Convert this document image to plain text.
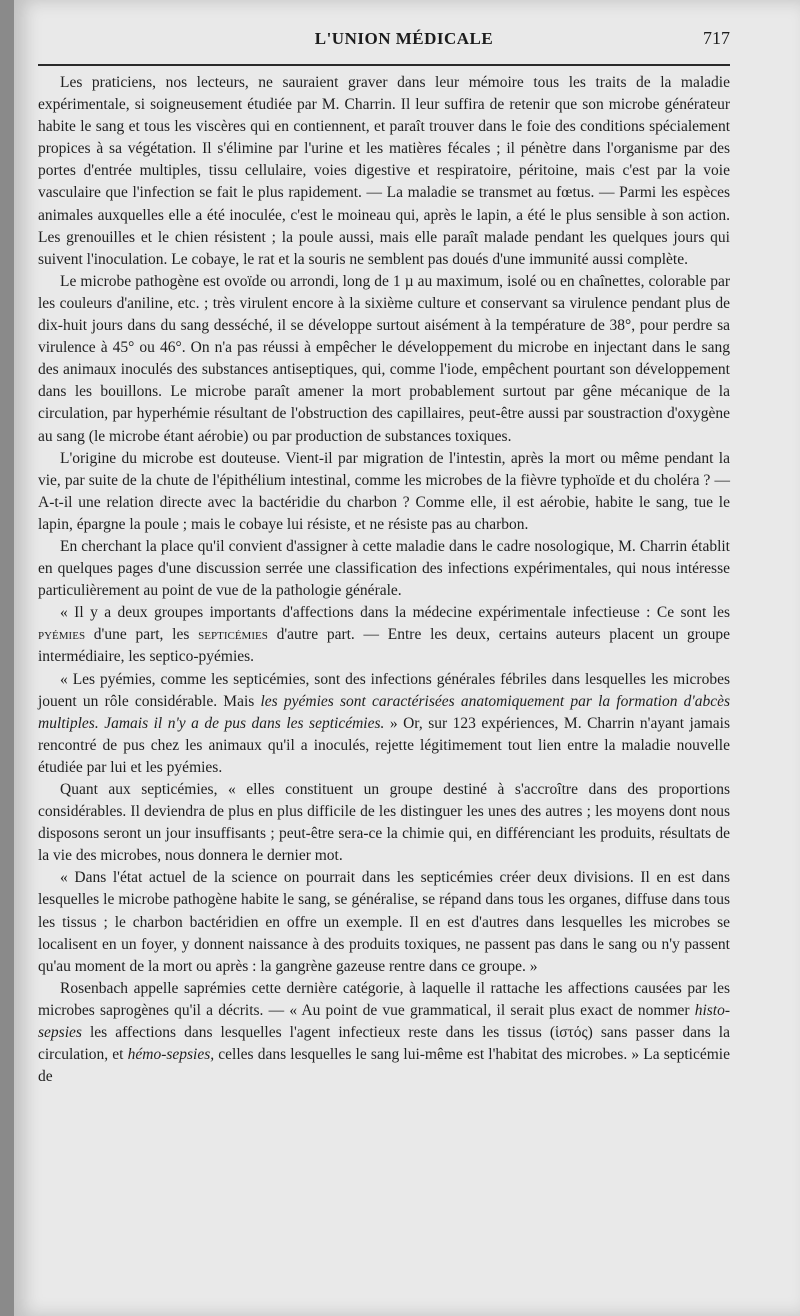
L'UNION MÉDICALE	717

Les praticiens, nos lecteurs, ne sauraient graver dans leur mémoire tous les traits de la maladie expérimentale, si soigneusement étudiée par M. Charrin. Il leur suffira de retenir que son microbe générateur habite le sang et tous les viscères qui en contiennent, et paraît trouver dans le foie des conditions spécialement propices à sa végétation. Il s'élimine par l'urine et les matières fécales ; il pénètre dans l'organisme par des portes d'entrée multiples, tissu cellulaire, voies digestive et respiratoire, péritoine, mais c'est par la voie vasculaire que l'infection se fait le plus rapidement. — La maladie se transmet au fœtus. — Parmi les espèces animales auxquelles elle a été inoculée, c'est le moineau qui, après le lapin, a été le plus sensible à son action. Les grenouilles et le chien résistent ; la poule aussi, mais elle paraît malade pendant les quelques jours qui suivent l'inoculation. Le cobaye, le rat et la souris ne semblent pas doués d'une immunité aussi complète.

Le microbe pathogène est ovoïde ou arrondi, long de 1 µ au maximum, isolé ou en chaînettes, colorable par les couleurs d'aniline, etc. ; très virulent encore à la sixième culture et conservant sa virulence pendant plus de dix-huit jours dans du sang desséché, il se développe surtout aisément à la température de 38°, pour perdre sa virulence à 45° ou 46°. On n'a pas réussi à empêcher le développement du microbe en injectant dans le sang des animaux inoculés des substances antiseptiques, qui, comme l'iode, empêchent pourtant son développement dans les bouillons. Le microbe paraît amener la mort probablement surtout par gêne mécanique de la circulation, par hyperhémie résultant de l'obstruction des capillaires, peut-être aussi par soustraction d'oxygène au sang (le microbe étant aérobie) ou par production de substances toxiques.

L'origine du microbe est douteuse. Vient-il par migration de l'intestin, après la mort ou même pendant la vie, par suite de la chute de l'épithélium intestinal, comme les microbes de la fièvre typhoïde et du choléra ? — A-t-il une relation directe avec la bactéridie du charbon ? Comme elle, il est aérobie, habite le sang, tue le lapin, épargne la poule ; mais le cobaye lui résiste, et ne résiste pas au charbon.

En cherchant la place qu'il convient d'assigner à cette maladie dans le cadre nosologique, M. Charrin établit en quelques pages d'une discussion serrée une classification des infections expérimentales, qui nous intéresse particulièrement au point de vue de la pathologie générale.

« Il y a deux groupes importants d'affections dans la médecine expérimentale infectieuse : Ce sont les pyémies d'une part, les septicémies d'autre part. — Entre les deux, certains auteurs placent un groupe intermédiaire, les septico-pyémies.

« Les pyémies, comme les septicémies, sont des infections générales fébriles dans lesquelles les microbes jouent un rôle considérable. Mais les pyémies sont caractérisées anatomiquement par la formation d'abcès multiples. Jamais il n'y a de pus dans les septicémies. » Or, sur 123 expériences, M. Charrin n'ayant jamais rencontré de pus chez les animaux qu'il a inoculés, rejette légitimement tout lien entre la maladie nouvelle étudiée par lui et les pyémies.

Quant aux septicémies, « elles constituent un groupe destiné à s'accroître dans des proportions considérables. Il deviendra de plus en plus difficile de les distinguer les unes des autres ; les moyens dont nous disposons seront un jour insuffisants ; peut-être sera-ce la chimie qui, en différenciant les produits, résultats de la vie des microbes, nous donnera le dernier mot.

« Dans l'état actuel de la science on pourrait dans les septicémies créer deux divisions. Il en est dans lesquelles le microbe pathogène habite le sang, se généralise, se répand dans tous les organes, diffuse dans tous les tissus ; le charbon bactéridien en offre un exemple. Il en est d'autres dans lesquelles les microbes se localisent en un foyer, y donnent naissance à des produits toxiques, ne passent pas dans le sang ou n'y passent qu'au moment de la mort ou après : la gangrène gazeuse rentre dans ce groupe. »

Rosenbach appelle saprémies cette dernière catégorie, à laquelle il rattache les affections causées par les microbes saprogènes qu'il a décrits. — « Au point de vue grammatical, il serait plus exact de nommer histo-sepsies les affections dans lesquelles l'agent infectieux reste dans les tissus (ἱστός) sans passer dans la circulation, et hémo-sepsies, celles dans lesquelles le sang lui-même est l'habitat des microbes. » La septicémie de
